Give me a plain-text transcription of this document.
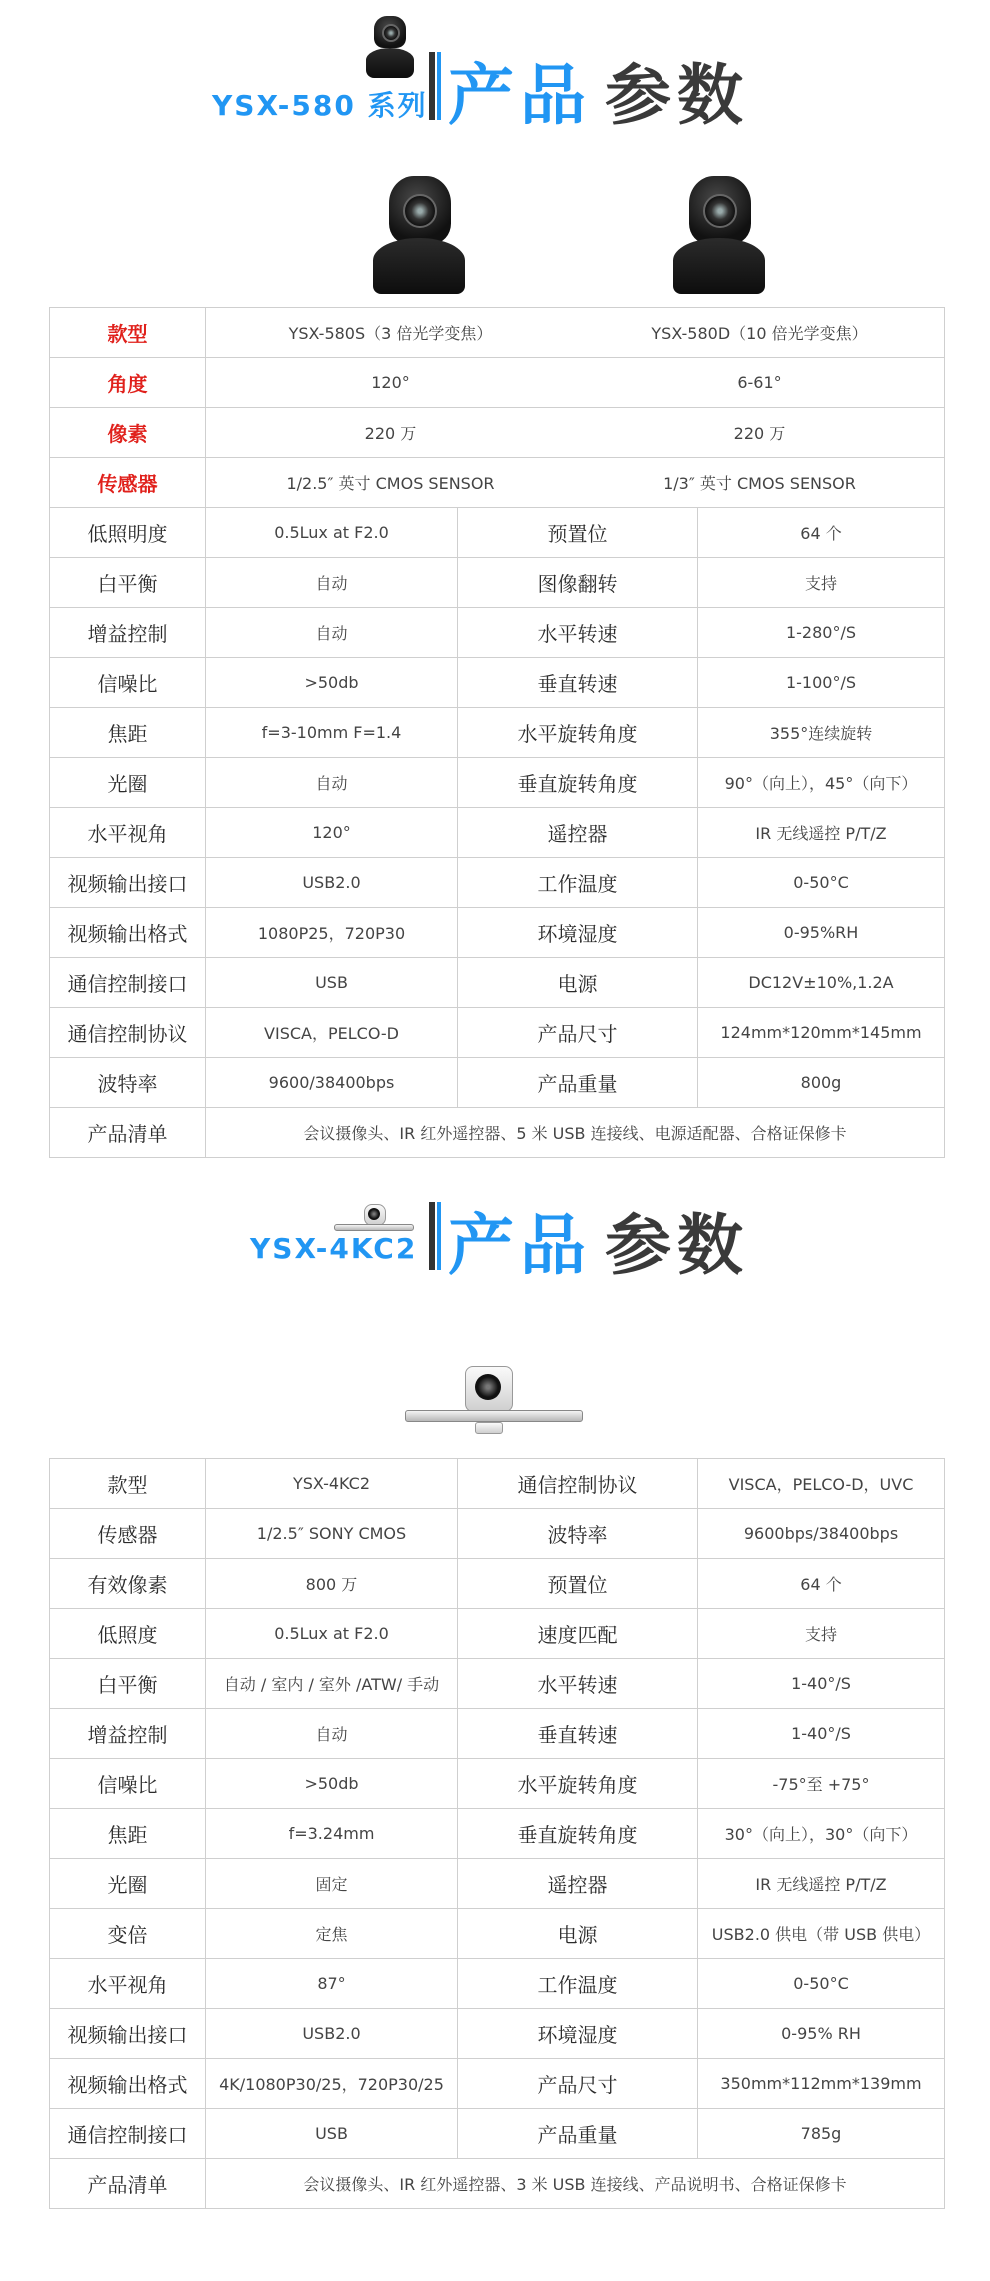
YSX-580 系列 产品 参数
款型	YSX-580S（3 倍光学变焦） YSX-580D（10 倍光学变焦）		

角度	120° 6-61°		

像素	220 万 220 万		

传感器	1/2.5″ 英寸 CMOS SENSOR 1/3″ 英寸 CMOS SENSOR		

低照明度	0.5Lux at F2.0	预置位	64 个
白平衡	自动	图像翻转	支持
增益控制	自动	水平转速	1-280°/S
信噪比	>50db	垂直转速	1-100°/S
焦距	f=3-10mm F=1.4	水平旋转角度	355°连续旋转
光圈	自动	垂直旋转角度	90°（向上），45°（向下）
水平视角	120°	遥控器	IR 无线遥控 P/T/Z
视频输出接口	USB2.0	工作温度	0-50°C
视频输出格式	1080P25，720P30	环境湿度	0-95%RH
通信控制接口	USB	电源	DC12V±10%,1.2A
通信控制协议	VISCA，PELCO-D	产品尺寸	124mm*120mm*145mm
波特率	9600/38400bps	产品重量	800g
产品清单	会议摄像头、IR 红外遥控器、5 米 USB 连接线、电源适配器、合格证保修卡		
YSX-4KC2 产品 参数
款型	YSX-4KC2	通信控制协议	VISCA，PELCO-D，UVC
传感器	1/2.5″ SONY CMOS	波特率	9600bps/38400bps
有效像素	800 万	预置位	64 个
低照度	0.5Lux at F2.0	速度匹配	支持
白平衡	自动 / 室内 / 室外 /ATW/ 手动	水平转速	1-40°/S
增益控制	自动	垂直转速	1-40°/S
信噪比	>50db	水平旋转角度	-75°至 +75°
焦距	f=3.24mm	垂直旋转角度	30°（向上），30°（向下）
光圈	固定	遥控器	IR 无线遥控 P/T/Z
变倍	定焦	电源	USB2.0 供电（带 USB 供电）
水平视角	87°	工作温度	0-50°C
视频输出接口	USB2.0	环境湿度	0-95% RH
视频输出格式	4K/1080P30/25，720P30/25	产品尺寸	350mm*112mm*139mm
通信控制接口	USB	产品重量	785g
产品清单	会议摄像头、IR 红外遥控器、3 米 USB 连接线、产品说明书、合格证保修卡		
